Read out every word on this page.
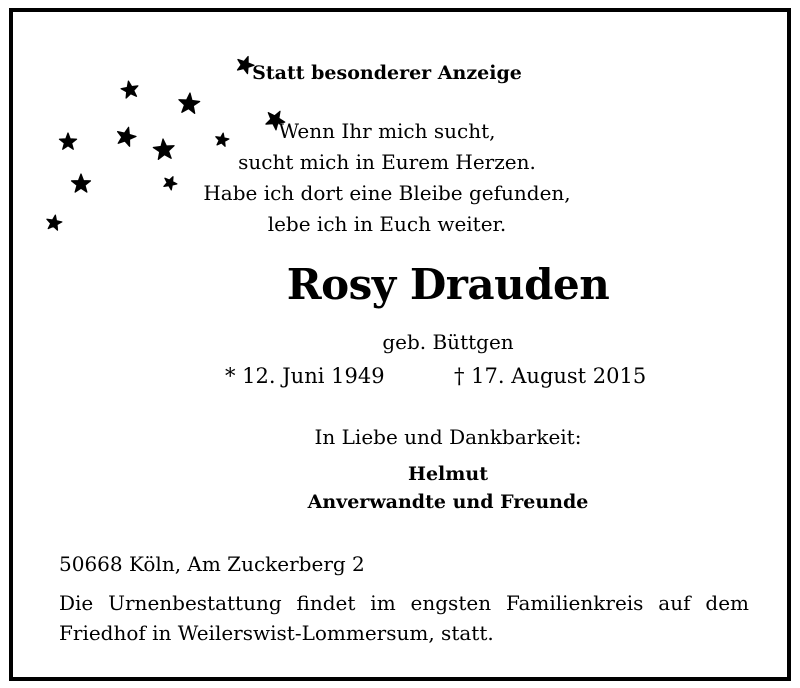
Statt besonderer Anzeige
Wenn Ihr mich sucht,
sucht mich in Eurem Herzen.
Habe ich dort eine Bleibe gefunden,
lebe ich in Euch weiter.
Rosy Drauden
geb. Büttgen
* 12. Juni 1949	† 17. August 2015
In Liebe und Dankbarkeit:
Helmut
Anverwandte und Freunde
50668 Köln, Am Zuckerberg 2
Die Urnenbestattung findet im engsten Familienkreis auf dem
Friedhof in Weilerswist-Lommersum, statt.
